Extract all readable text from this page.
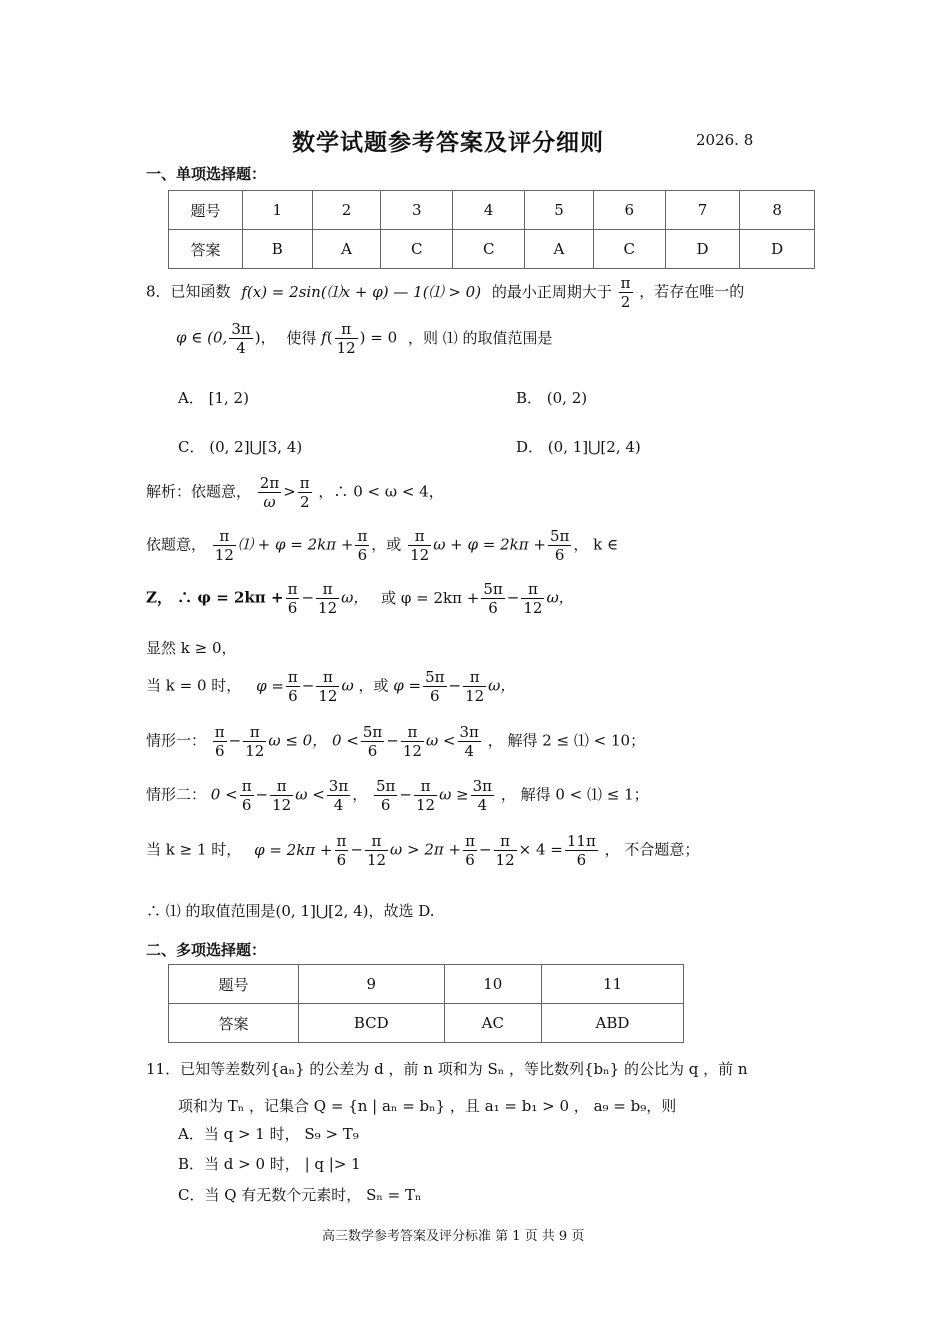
数学试题参考答案及评分细则	2026. 8
一、单项选择题：
题号	1	2	3	4	5	6	7	8
答案	B	A	C	C	A	C	D	D
8．已知函数 f(x) = 2sin(⑴x + φ) — 1(⑴ > 0) 的最小正周期大于 $\frac{\pi}{2}$ ，若存在唯一的
φ ∈ (0, $\frac{3\pi}{4}$ )， 使得 $f( \frac{\pi}{12}$ ) = 0 ，则 ⑴ 的取值范围是
A． [1, 2)	B． (0, 2)
C． (0, 2]⋃[3, 4)	D． (0, 1]⋃[2, 4)
解析：依题意， $\frac{2\pi}{\omega} > \frac{\pi}{2}$ ，∴ 0 < ω < 4，
依题意， $\frac{\pi}{12}$ ⑴ + $\varphi = 2k\pi + \frac{\pi}{6}$ ，或 $\frac{\pi}{12}$ $\omega + \varphi = 2k\pi + \frac{5\pi}{6}$ ， k ∈
Z， ∴ $\varphi = 2k\pi + \frac{\pi}{6} - \frac{\pi}{12}$ ω， 或 $\varphi = 2k\pi + \frac{5\pi}{6} - \frac{\pi}{12}$ ω，
显然 k ≥ 0，
当 k = 0 时， $\varphi = \frac{\pi}{6} - \frac{\pi}{12}$ ω ，或 $\varphi = \frac{5\pi}{6} - \frac{\pi}{12}$ ω，
情形一： $\frac{\pi}{6} - \frac{\pi}{12}$ ω ≤ 0， $0 < \frac{5\pi}{6} - \frac{\pi}{12}$ $\omega < \frac{3\pi}{4}$ ， 解得 2 ≤ ⑴ < 10；
情形二： $0 < \frac{\pi}{6} - \frac{\pi}{12}$ $\omega < \frac{3\pi}{4}$ ， $\frac{5\pi}{6} - \frac{\pi}{12}$ $\omega \ge \frac{3\pi}{4}$ ， 解得 0 < ⑴ ≤ 1；
当 k ≥ 1 时， $\varphi = 2k\pi + \frac{\pi}{6} - \frac{\pi}{12}$ $\omega > 2\pi + \frac{\pi}{6} - \frac{\pi}{12} \times 4 = \frac{11\pi}{6}$ ， 不合题意；
∴ ⑴ 的取值范围是(0, 1]⋃[2, 4)，故选 D.
二、多项选择题：
题号	9	10	11
答案	BCD	AC	ABD
11．已知等差数列{aₙ} 的公差为 d ，前 n 项和为 Sₙ ，等比数列{bₙ} 的公比为 q ，前 n
项和为 Tₙ ，记集合 Q = {n | aₙ = bₙ} ，且 a₁ = b₁ > 0 ， a₉ = b₉，则
A．当 q > 1 时， S₉ > T₉
B．当 d > 0 时， | q |> 1
C．当 Q 有无数个元素时， Sₙ = Tₙ
高三数学参考答案及评分标准 第 1 页 共 9 页
